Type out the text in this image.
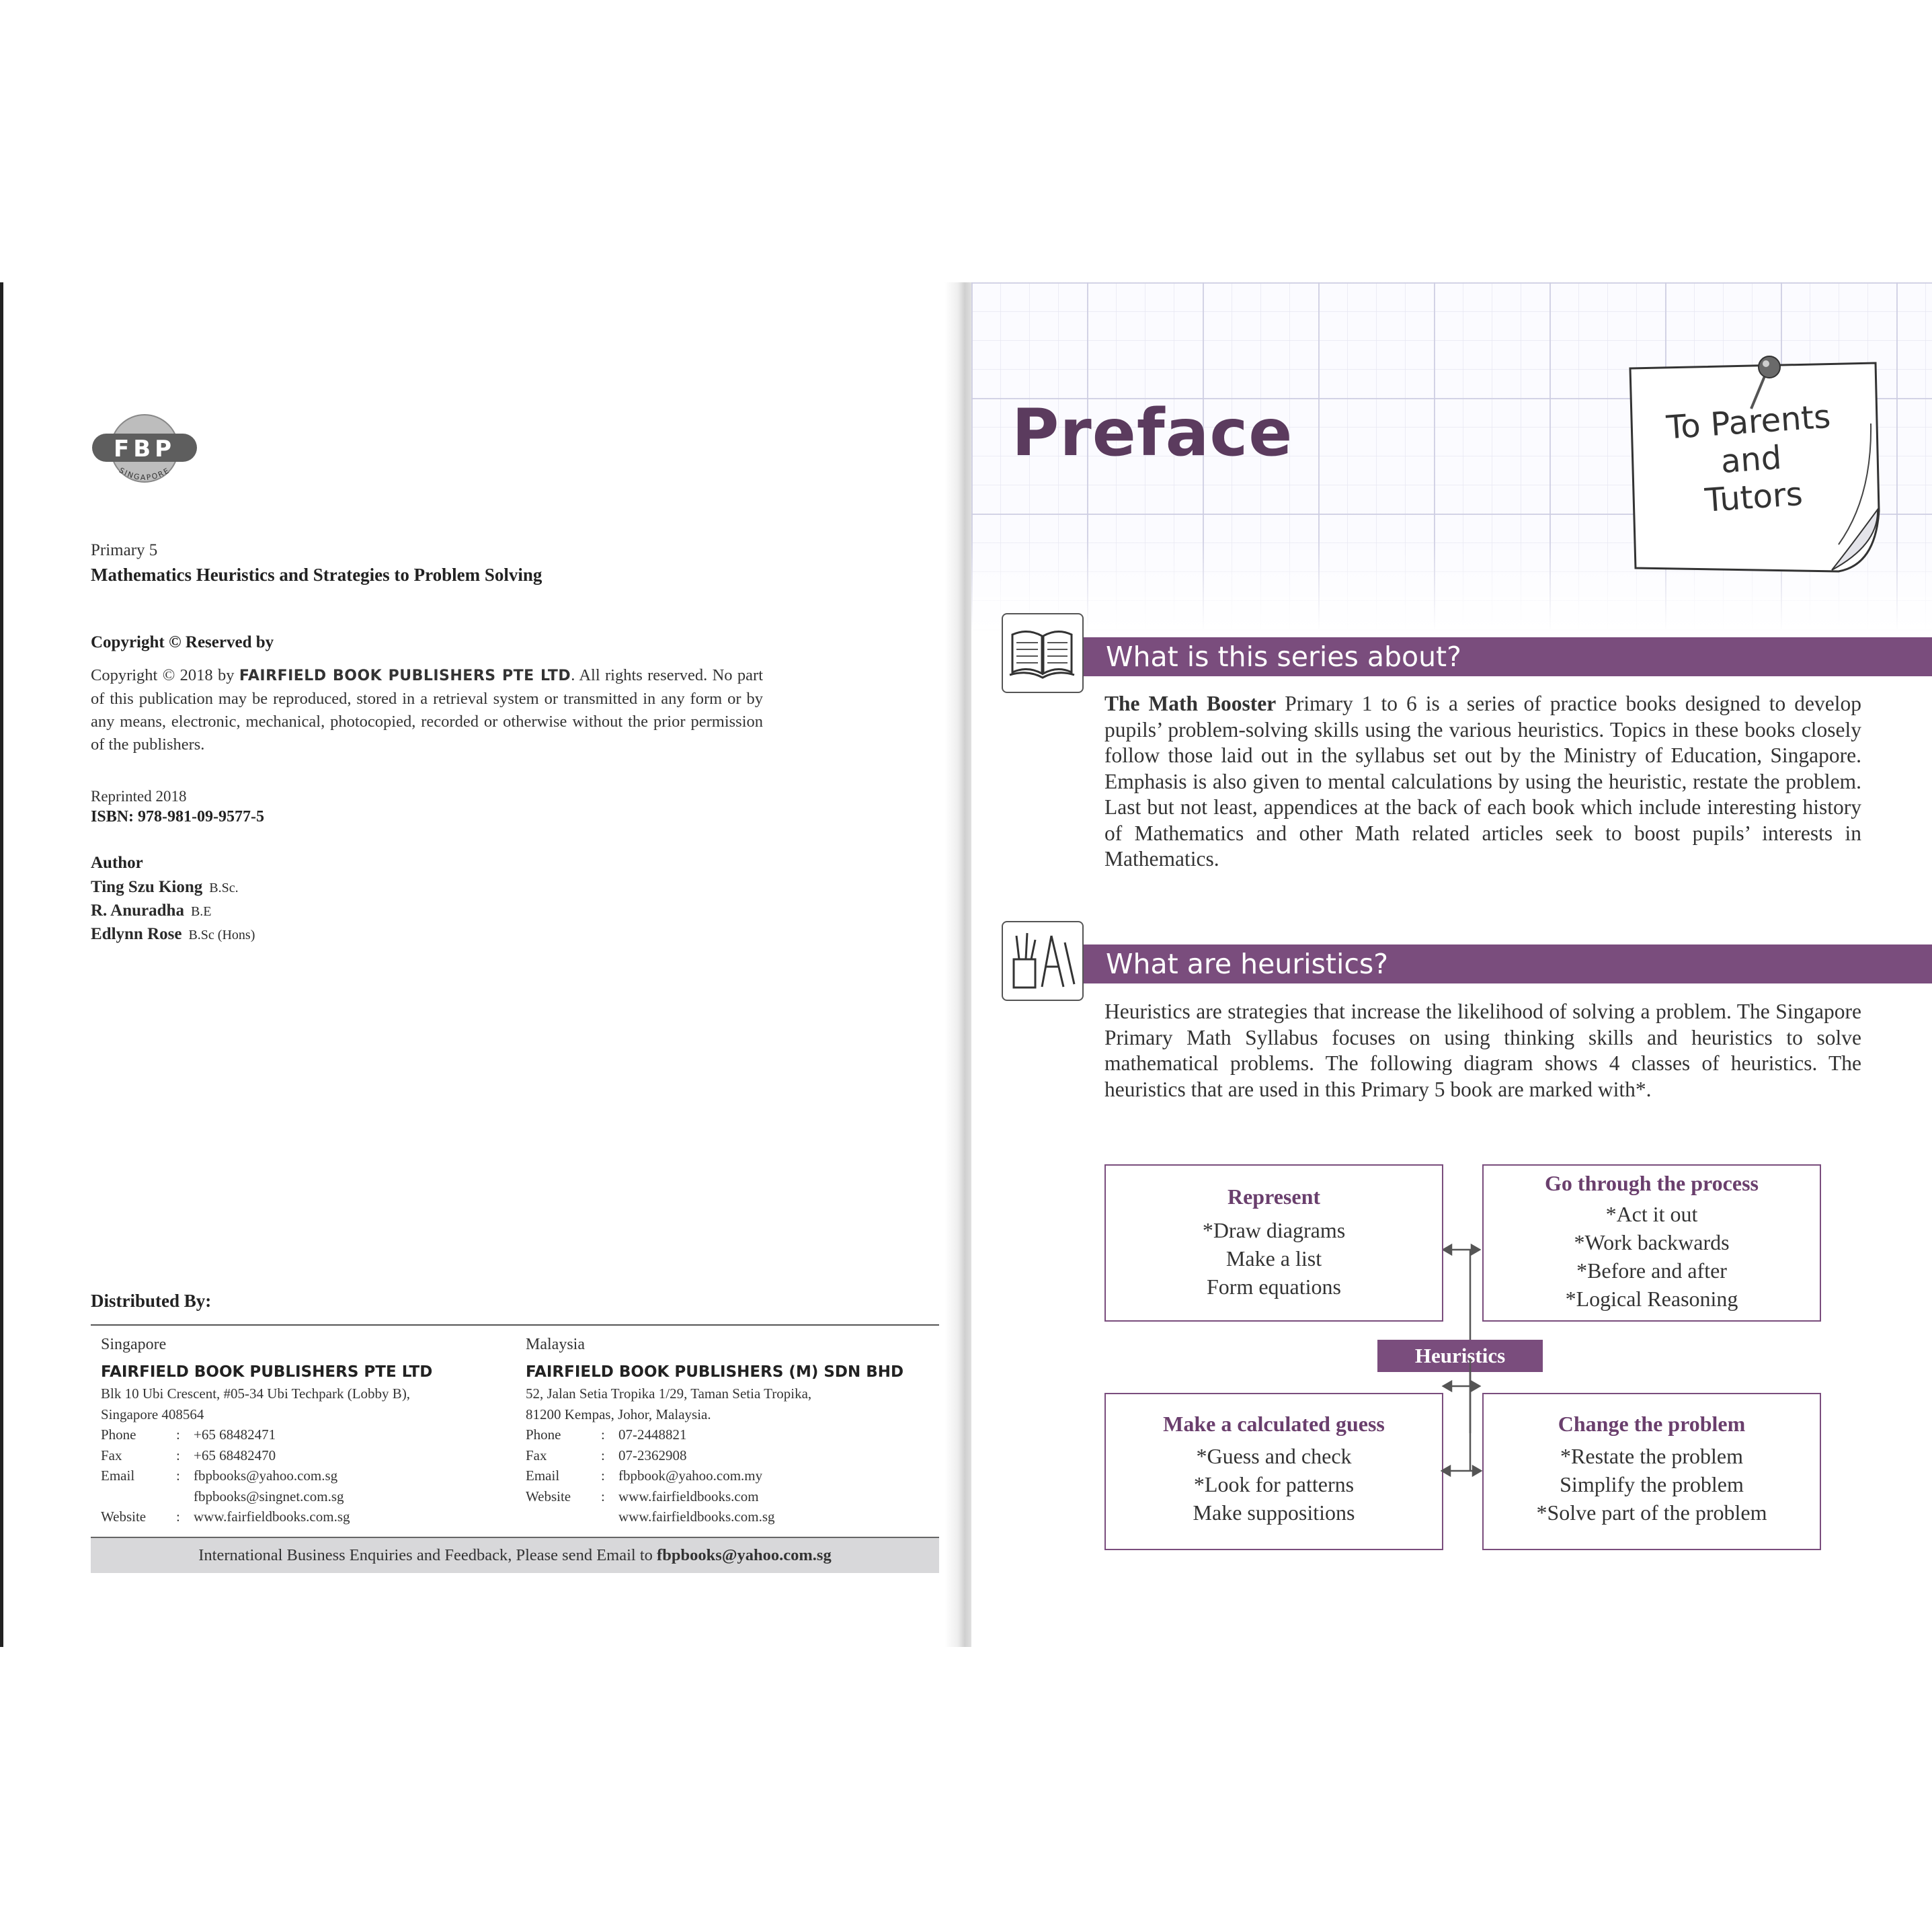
FBP
SINGAPORE
Primary 5
Mathematics Heuristics and Strategies to Problem Solving
Copyright © Reserved by
Copyright © 2018 by FAIRFIELD BOOK PUBLISHERS PTE LTD. All rights reserved. No part of this publication may be reproduced, stored in a retrieval system or transmitted in any form or by any means, electronic, mechanical, photocopied, recorded or otherwise without the prior permission of the publishers.
Reprinted 2018
ISBN: 978-981-09-9577-5
Author
Ting Szu Kiong B.Sc.
R. Anuradha B.E
Edlynn Rose B.Sc (Hons)
Distributed By:
Singapore
FAIRFIELD BOOK PUBLISHERS PTE LTD
Blk 10 Ubi Crescent, #05-34 Ubi Techpark (Lobby B),
Singapore 408564
Phone	: +65 68482471
Fax	: +65 68482470
Email	: fbpbooks@yahoo.com.sg
fbpbooks@singnet.com.sg
Website	: www.fairfieldbooks.com.sg
Malaysia
FAIRFIELD BOOK PUBLISHERS (M) SDN BHD
52, Jalan Setia Tropika 1/29, Taman Setia Tropika,
81200 Kempas, Johor, Malaysia.
Phone	: 07-2448821
Fax	: 07-2362908
Email	: fbpbook@yahoo.com.my
Website	: www.fairfieldbooks.com
www.fairfieldbooks.com.sg
International Business Enquiries and Feedback, Please send Email to fbpbooks@yahoo.com.sg
Preface	To Parents
and
Tutors
What is this series about?
The Math Booster Primary 1 to 6 is a series of practice books designed to develop pupils’ problem-solving skills using the various heuristics. Topics in these books closely follow those laid out in the syllabus set out by the Ministry of Education, Singapore. Emphasis is also given to mental calculations by using the heuristic, restate the problem. Last but not least, appendices at the back of each book which include interesting history of Mathematics and other Math related articles seek to boost pupils’ interests in Mathematics.
What are heuristics?
Heuristics are strategies that increase the likelihood of solving a problem. The Singapore Primary Math Syllabus focuses on using thinking skills and heuristics to solve mathematical problems. The following diagram shows 4 classes of heuristics. The heuristics that are used in this Primary 5 book are marked with*.
Represent
*Draw diagrams
Make a list
Form equations
Go through the process
*Act it out
*Work backwards
*Before and after
*Logical Reasoning
Heuristics
Make a calculated guess
*Guess and check
*Look for patterns
Make suppositions
Change the problem
*Restate the problem
Simplify the problem
*Solve part of the problem
